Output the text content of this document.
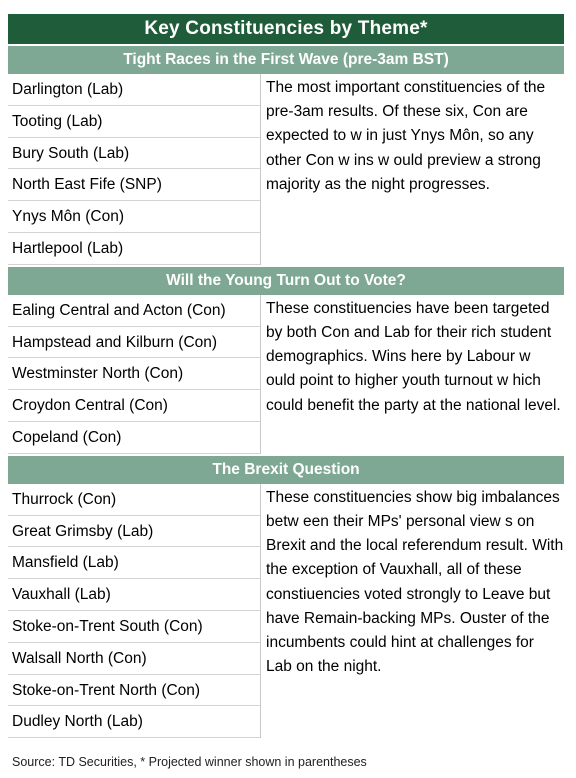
Key Constituencies by Theme*
Tight Races in the First Wave (pre-3am BST)
Darlington (Lab)
Tooting (Lab)
Bury South (Lab)
North East Fife (SNP)
Ynys Môn (Con)
Hartlepool (Lab)
The most important constituencies of the pre-3am results. Of these six, Con are expected to w in just Ynys Môn, so any other Con w ins w ould preview a strong majority as the night progresses.
Will the Young Turn Out to Vote?
Ealing Central and Acton (Con)
Hampstead and Kilburn (Con)
Westminster North (Con)
Croydon Central (Con)
Copeland (Con)
These constituencies have been targeted by both Con and Lab for their rich student demographics. Wins here by Labour w ould point to higher youth turnout w hich could benefit the party at the national level.
The Brexit Question
Thurrock (Con)
Great Grimsby (Lab)
Mansfield (Lab)
Vauxhall (Lab)
Stoke-on-Trent South (Con)
Walsall North (Con)
Stoke-on-Trent North (Con)
Dudley North (Lab)
These constituencies show big imbalances betw een their MPs' personal view s on Brexit and the local referendum result. With the exception of Vauxhall, all of these constiuencies voted strongly to Leave but have Remain-backing MPs. Ouster of the incumbents could hint at challenges for Lab on the night.
Source: TD Securities, * Projected winner shown in parentheses
